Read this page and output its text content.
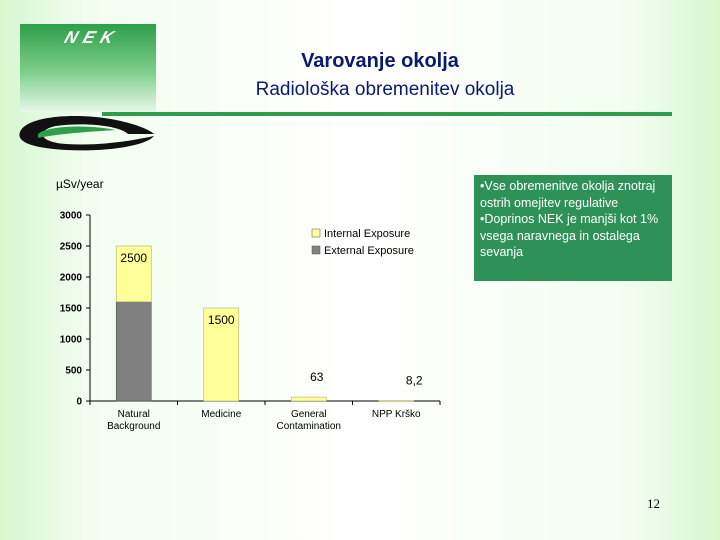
NEK
Varovanje okolja
Radiološka obremenitev okolja
µSv/year
0
500
1000
1500
2000
2500
3000
Natural
Background
2500
Medicine
1500
General
Contamination
63
NPP Krško
8,2
Internal Exposure
External Exposure

•Vse obremenitve okolja znotraj ostrih omejitev regulative

•Doprinos NEK je manjši kot 1% vsega naravnega in ostalega sevanja

12
